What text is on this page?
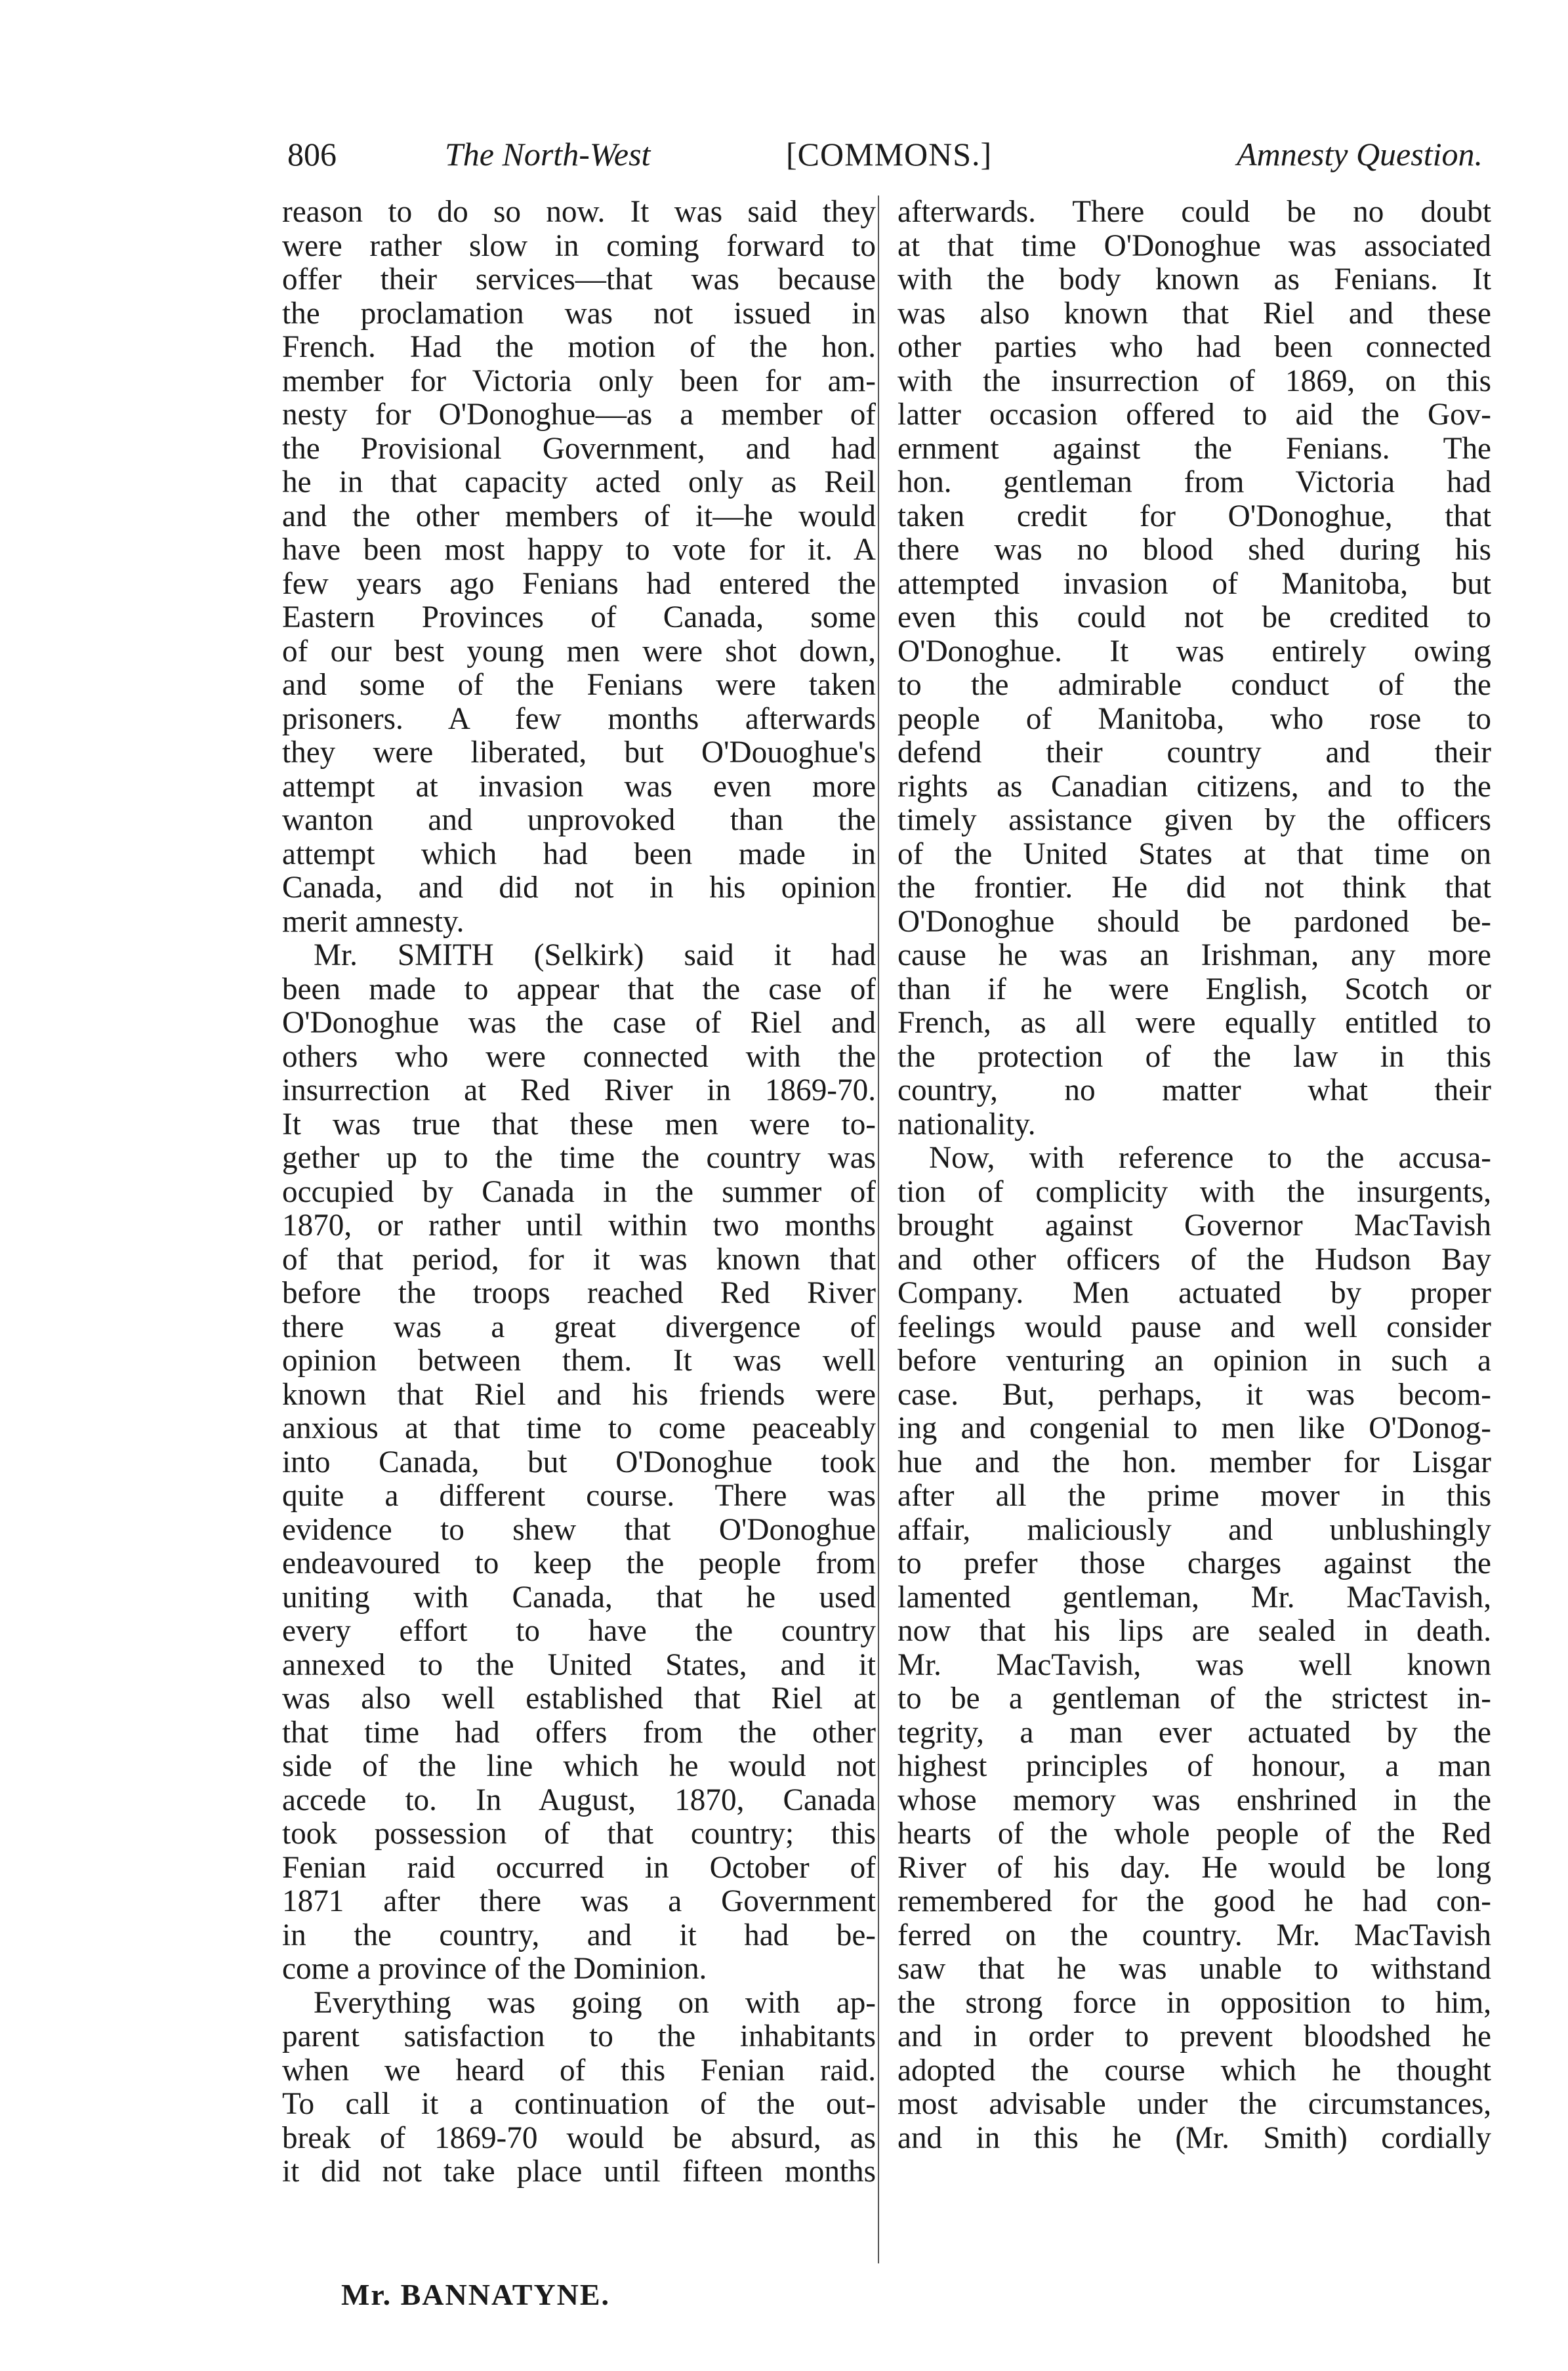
806	The North-West	[COMMONS.]	Amnesty Question.

reason to do so now. It was said they
were rather slow in coming forward to
offer their services—that was because
the proclamation was not issued in
French. Had the motion of the hon.
member for Victoria only been for am-
nesty for O'Donoghue—as a member of
the Provisional Government, and had
he in that capacity acted only as Reil
and the other members of it—he would
have been most happy to vote for it. A
few years ago Fenians had entered the
Eastern Provinces of Canada, some
of our best young men were shot down,
and some of the Fenians were taken
prisoners. A few months afterwards
they were liberated, but O'Douoghue's
attempt at invasion was even more
wanton and unprovoked than the
attempt which had been made in
Canada, and did not in his opinion
merit amnesty.

Mr. SMITH (Selkirk) said it had
been made to appear that the case of
O'Donoghue was the case of Riel and
others who were connected with the
insurrection at Red River in 1869-70.
It was true that these men were to-
gether up to the time the country was
occupied by Canada in the summer of
1870, or rather until within two months
of that period, for it was known that
before the troops reached Red River
there was a great divergence of
opinion between them. It was well
known that Riel and his friends were
anxious at that time to come peaceably
into Canada, but O'Donoghue took
quite a different course. There was
evidence to shew that O'Donoghue
endeavoured to keep the people from
uniting with Canada, that he used
every effort to have the country
annexed to the United States, and it
was also well established that Riel at
that time had offers from the other
side of the line which he would not
accede to. In August, 1870, Canada
took possession of that country; this
Fenian raid occurred in October of
1871 after there was a Government
in the country, and it had be-
come a province of the Dominion.

Everything was going on with ap-
parent satisfaction to the inhabitants
when we heard of this Fenian raid.
To call it a continuation of the out-
break of 1869-70 would be absurd, as
it did not take place until fifteen months

afterwards. There could be no doubt
at that time O'Donoghue was associated
with the body known as Fenians. It
was also known that Riel and these
other parties who had been connected
with the insurrection of 1869, on this
latter occasion offered to aid the Gov-
ernment against the Fenians. The
hon. gentleman from Victoria had
taken credit for O'Donoghue, that
there was no blood shed during his
attempted invasion of Manitoba, but
even this could not be credited to
O'Donoghue. It was entirely owing
to the admirable conduct of the
people of Manitoba, who rose to
defend their country and their
rights as Canadian citizens, and to the
timely assistance given by the officers
of the United States at that time on
the frontier. He did not think that
O'Donoghue should be pardoned be-
cause he was an Irishman, any more
than if he were English, Scotch or
French, as all were equally entitled to
the protection of the law in this
country, no matter what their
nationality.

Now, with reference to the accusa-
tion of complicity with the insurgents,
brought against Governor MacTavish
and other officers of the Hudson Bay
Company. Men actuated by proper
feelings would pause and well consider
before venturing an opinion in such a
case. But, perhaps, it was becom-
ing and congenial to men like O'Donog-
hue and the hon. member for Lisgar
after all the prime mover in this
affair, maliciously and unblushingly
to prefer those charges against the
lamented gentleman, Mr. MacTavish,
now that his lips are sealed in death.
Mr. MacTavish, was well known
to be a gentleman of the strictest in-
tegrity, a man ever actuated by the
highest principles of honour, a man
whose memory was enshrined in the
hearts of the whole people of the Red
River of his day. He would be long
remembered for the good he had con-
ferred on the country. Mr. MacTavish
saw that he was unable to withstand
the strong force in opposition to him,
and in order to prevent bloodshed he
adopted the course which he thought
most advisable under the circumstances,
and in this he (Mr. Smith) cordially

Mr. BANNATYNE.
